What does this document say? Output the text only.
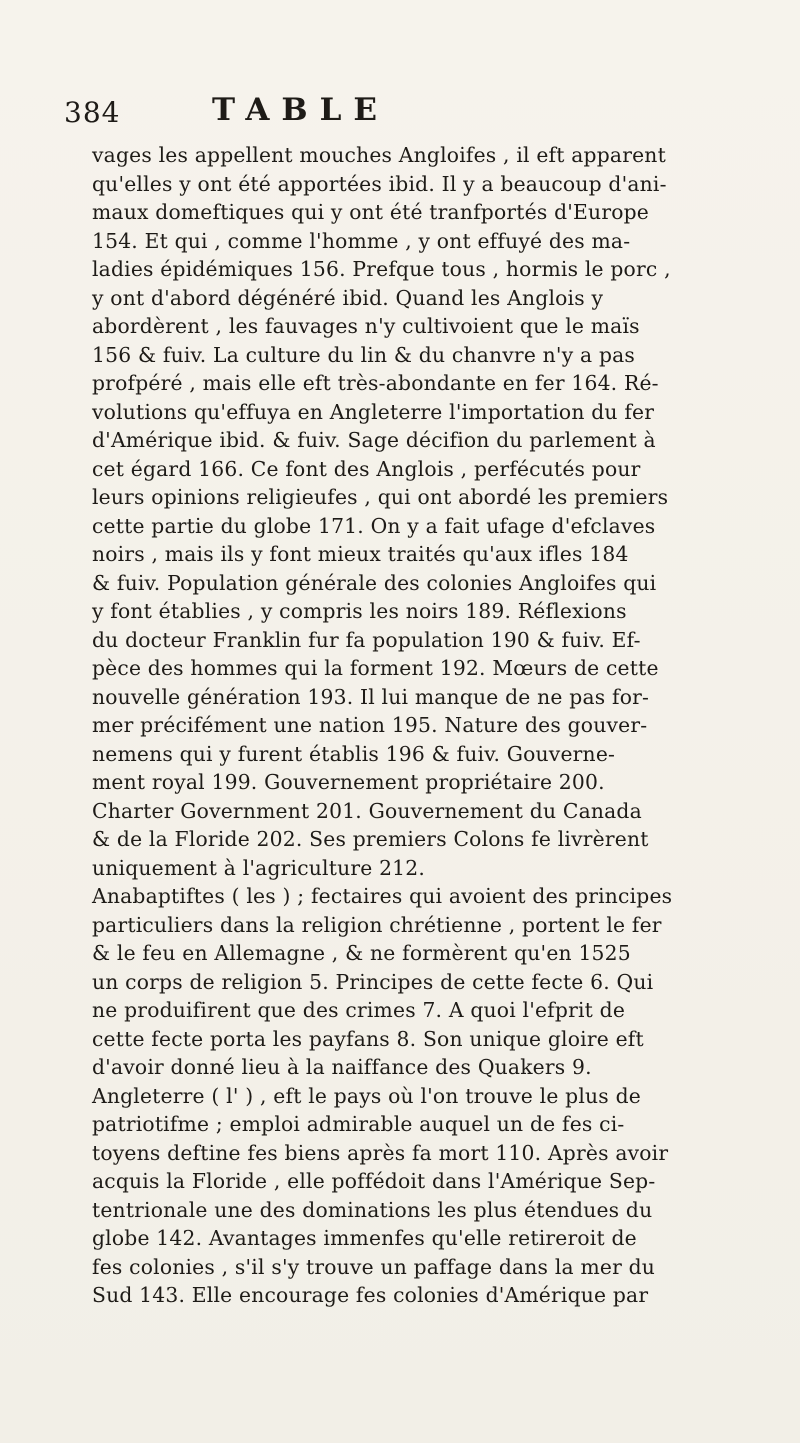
384	TABLE
vages les appellent mouches Angloifes , il eft apparent
qu'elles y ont été apportées ibid. Il y a beaucoup d'ani-
maux domeftiques qui y ont été tranfportés d'Europe
154. Et qui , comme l'homme , y ont effuyé des ma-
ladies épidémiques 156. Prefque tous , hormis le porc ,
y ont d'abord dégénéré ibid. Quand les Anglois y
abordèrent , les fauvages n'y cultivoient que le maïs
156 & fuiv. La culture du lin & du chanvre n'y a pas
profpéré , mais elle eft très-abondante en fer 164. Ré-
volutions qu'effuya en Angleterre l'importation du fer
d'Amérique ibid. & fuiv. Sage décifion du parlement à
cet égard 166. Ce font des Anglois , perfécutés pour
leurs opinions religieufes , qui ont abordé les premiers
cette partie du globe 171. On y a fait ufage d'efclaves
noirs , mais ils y font mieux traités qu'aux ifles 184
& fuiv. Population générale des colonies Angloifes qui
y font établies , y compris les noirs 189. Réflexions
du docteur Franklin fur fa population 190 & fuiv. Ef-
pèce des hommes qui la forment 192. Mœurs de cette
nouvelle génération 193. Il lui manque de ne pas for-
mer précifément une nation 195. Nature des gouver-
nemens qui y furent établis 196 & fuiv. Gouverne-
ment royal 199. Gouvernement propriétaire 200.
Charter Government 201. Gouvernement du Canada
& de la Floride 202. Ses premiers Colons fe livrèrent
uniquement à l'agriculture 212.
Anabaptiftes ( les ) ; fectaires qui avoient des principes
particuliers dans la religion chrétienne , portent le fer
& le feu en Allemagne , & ne formèrent qu'en 1525
un corps de religion 5. Principes de cette fecte 6. Qui
ne produifirent que des crimes 7. A quoi l'efprit de
cette fecte porta les payfans 8. Son unique gloire eft
d'avoir donné lieu à la naiffance des Quakers 9.
Angleterre ( l' ) , eft le pays où l'on trouve le plus de
patriotifme ; emploi admirable auquel un de fes ci-
toyens deftine fes biens après fa mort 110. Après avoir
acquis la Floride , elle poffédoit dans l'Amérique Sep-
tentrionale une des dominations les plus étendues du
globe 142. Avantages immenfes qu'elle retireroit de
fes colonies , s'il s'y trouve un paffage dans la mer du
Sud 143. Elle encourage fes colonies d'Amérique par
